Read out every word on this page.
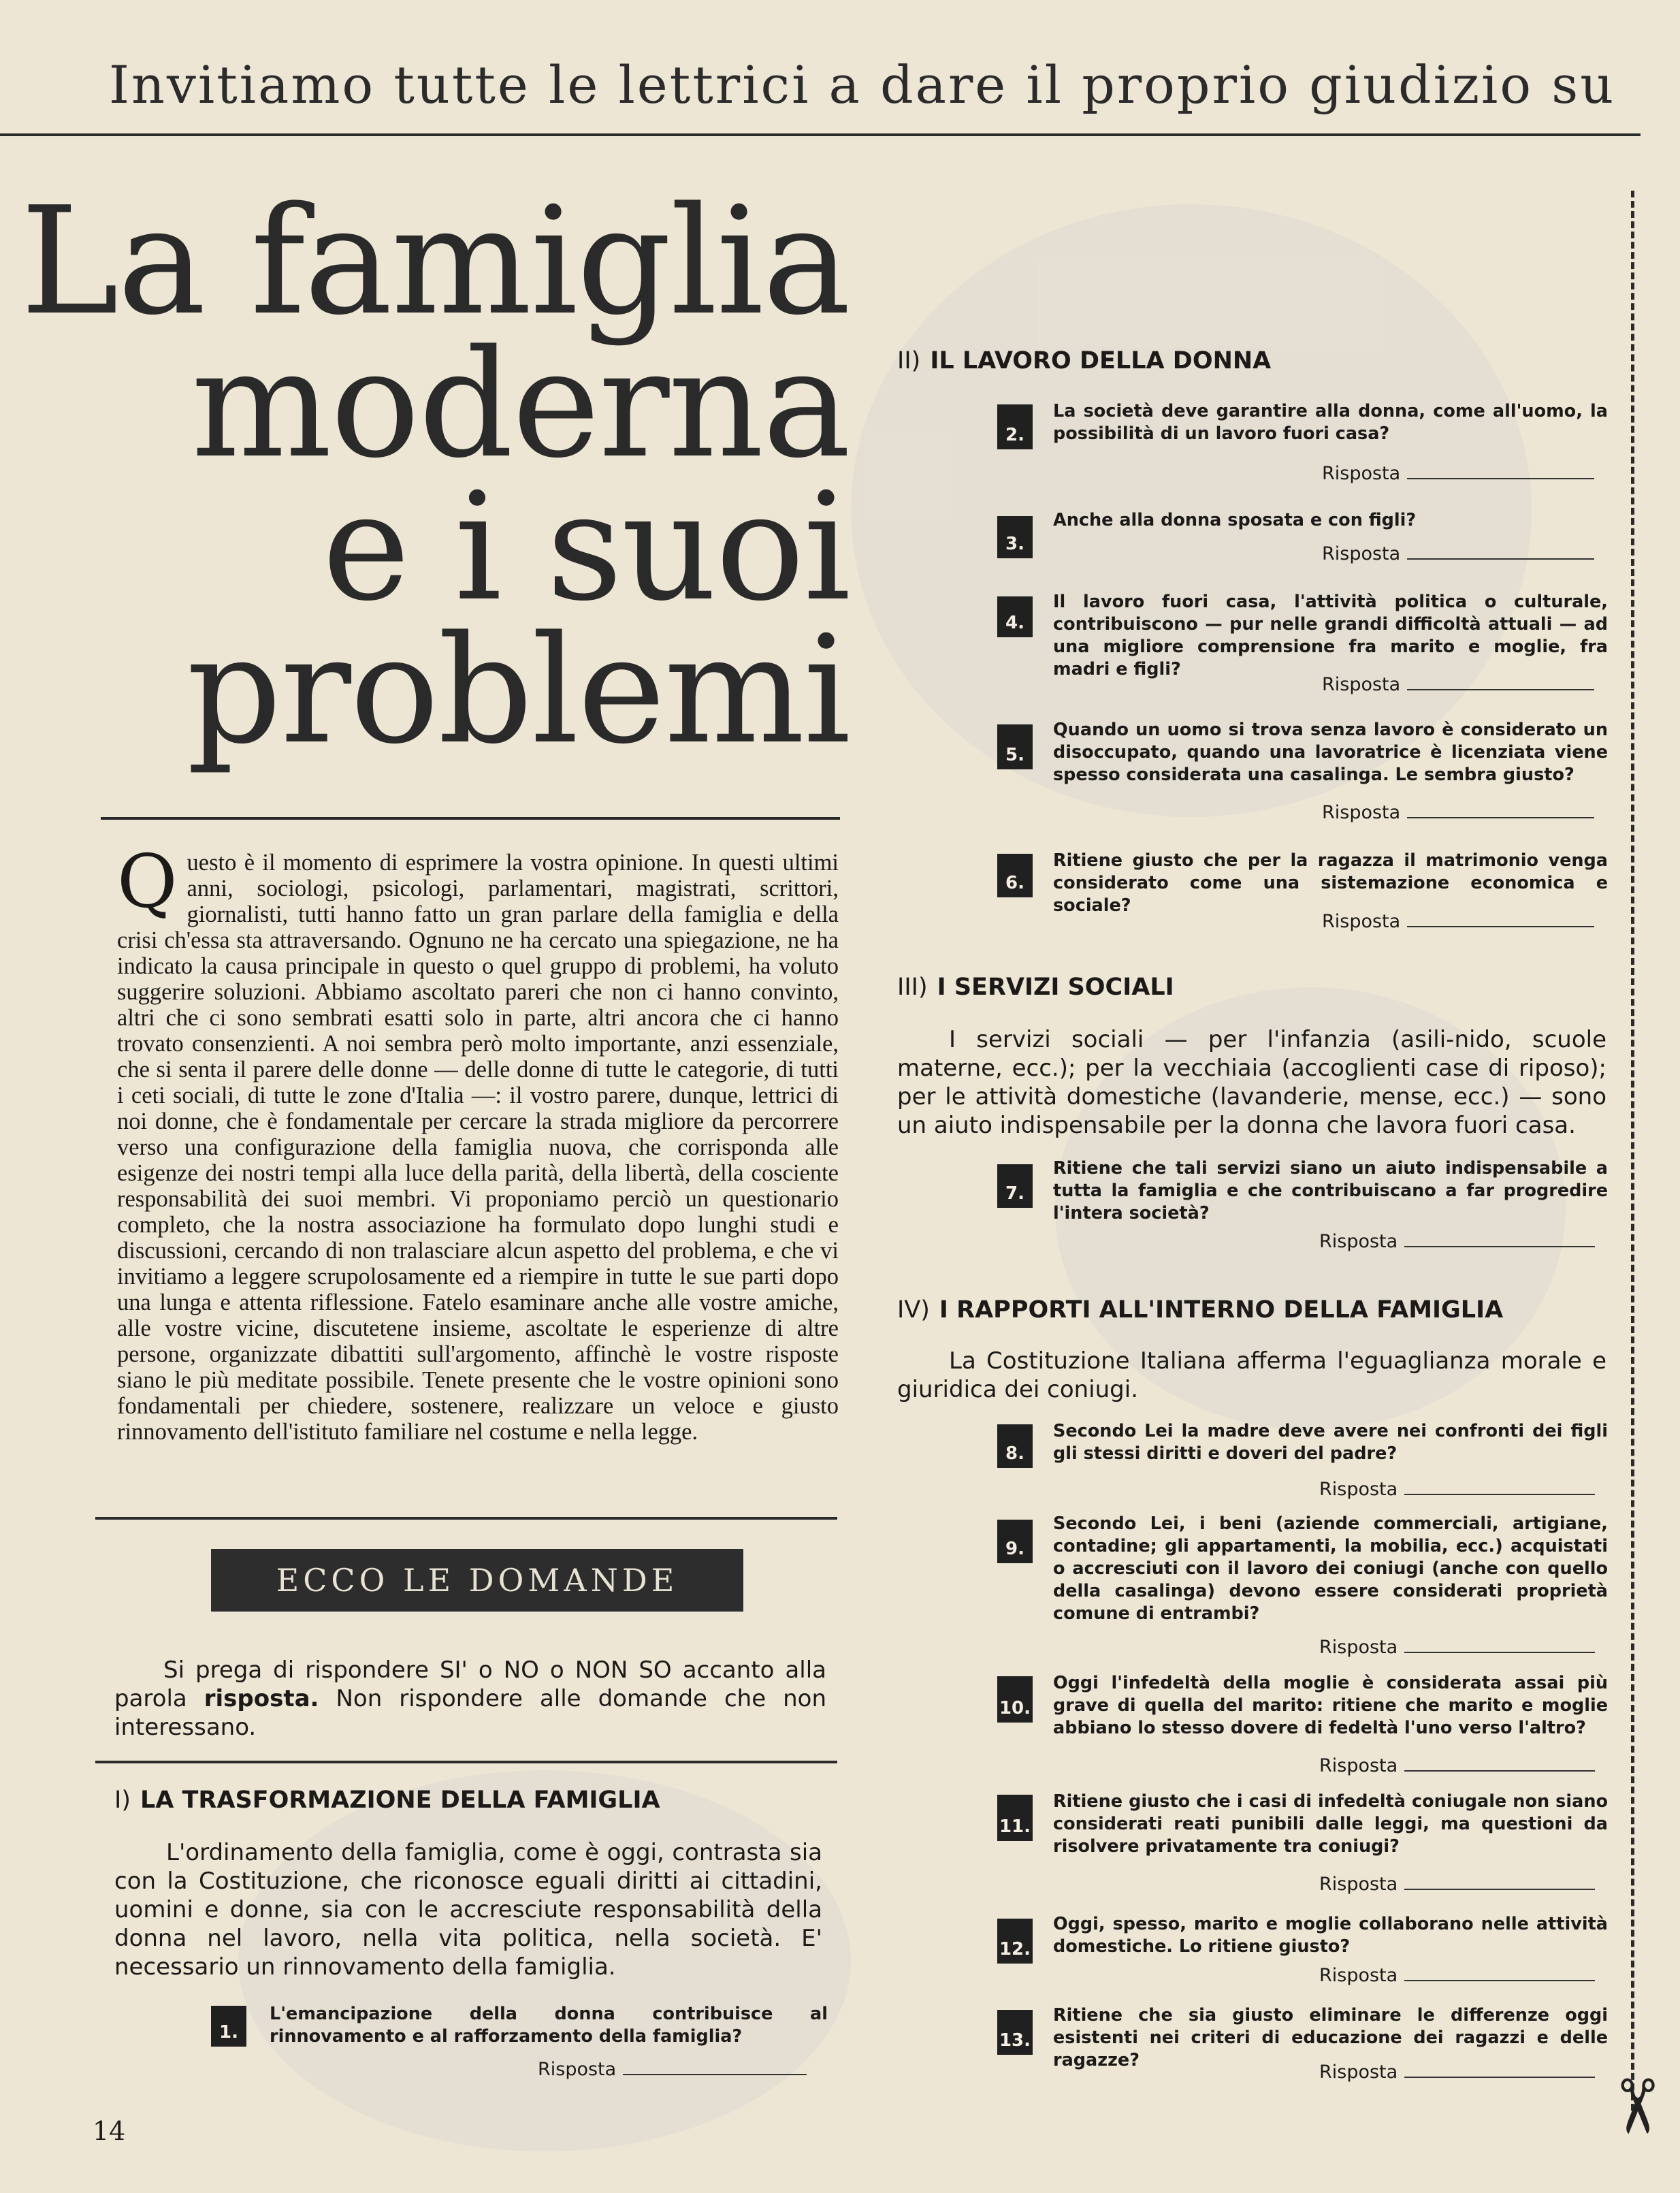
Invitiamo tutte le lettrici a dare il proprio giudizio su
✂
La famiglia
moderna
e i suoi
problemi
Questo è il momento di esprimere la vostra opinione. In questi ultimi anni, sociologi, psicologi, parlamentari, magistrati, scrittori, giornalisti, tutti hanno fatto un gran parlare della famiglia e della crisi ch'essa sta attraversando. Ognuno ne ha cercato una spiegazione, ne ha indicato la causa principale in questo o quel gruppo di problemi, ha voluto suggerire soluzioni. Abbiamo ascoltato pareri che non ci hanno convinto, altri che ci sono sembrati esatti solo in parte, altri ancora che ci hanno trovato consenzienti. A noi sembra però molto importante, anzi essenziale, che si senta il parere delle donne — delle donne di tutte le categorie, di tutti i ceti sociali, di tutte le zone d'Italia —: il vostro parere, dunque, lettrici di noi donne, che è fondamentale per cercare la strada migliore da percorrere verso una configurazione della famiglia nuova, che corrisponda alle esigenze dei nostri tempi alla luce della parità, della libertà, della cosciente responsabilità dei suoi membri. Vi proponiamo perciò un questionario completo, che la nostra associazione ha formulato dopo lunghi studi e discussioni, cercando di non tralasciare alcun aspetto del problema, e che vi invitiamo a leggere scrupolosamente ed a riempire in tutte le sue parti dopo una lunga e attenta riflessione. Fatelo esaminare anche alle vostre amiche, alle vostre vicine, discutetene insieme, ascoltate le esperienze di altre persone, organizzate dibattiti sull'argomento, affinchè le vostre risposte siano le più meditate possibile. Tenete presente che le vostre opinioni sono fondamentali per chiedere, sostenere, realizzare un veloce e giusto rinnovamento dell'istituto familiare nel costume e nella legge.
ECCO LE DOMANDE
Si prega di rispondere SI' o NO o NON SO accanto alla parola risposta. Non rispondere alle domande che non interessano.
I) LA TRASFORMAZIONE DELLA FAMIGLIA
L'ordinamento della famiglia, come è oggi, contrasta sia con la Costituzione, che riconosce eguali diritti ai cittadini, uomini e donne, sia con le accresciute responsabilità della donna nel lavoro, nella vita politica, nella società. E' necessario un rinnovamento della famiglia.
1.
L'emancipazione della donna contribuisce al rinnovamento e al rafforzamento della famiglia?
Risposta
14
II) IL LAVORO DELLA DONNA
2.
La società deve garantire alla donna, come all'uomo, la possibilità di un lavoro fuori casa?
Risposta
3.
Anche alla donna sposata e con figli?
Risposta
4.
Il lavoro fuori casa, l'attività politica o culturale, contribuiscono — pur nelle grandi difficoltà attuali — ad una migliore comprensione fra marito e moglie, fra madri e figli?
Risposta
5.
Quando un uomo si trova senza lavoro è considerato un disoccupato, quando una lavoratrice è licenziata viene spesso considerata una casalinga. Le sembra giusto?
Risposta
6.
Ritiene giusto che per la ragazza il matrimonio venga considerato come una sistemazione economica e sociale?
Risposta
III) I SERVIZI SOCIALI
I servizi sociali — per l'infanzia (asili-nido, scuole materne, ecc.); per la vecchiaia (accoglienti case di riposo); per le attività domestiche (lavanderie, mense, ecc.) — sono un aiuto indispensabile per la donna che lavora fuori casa.
7.
Ritiene che tali servizi siano un aiuto indispensabile a tutta la famiglia e che contribuiscano a far progredire l'intera società?
Risposta
IV) I RAPPORTI ALL'INTERNO DELLA FAMIGLIA
La Costituzione Italiana afferma l'eguaglianza morale e giuridica dei coniugi.
8.
Secondo Lei la madre deve avere nei confronti dei figli gli stessi diritti e doveri del padre?
Risposta
9.
Secondo Lei, i beni (aziende commerciali, artigiane, contadine; gli appartamenti, la mobilia, ecc.) acquistati o accresciuti con il lavoro dei coniugi (anche con quello della casalinga) devono essere considerati proprietà comune di entrambi?
Risposta
10.
Oggi l'infedeltà della moglie è considerata assai più grave di quella del marito: ritiene che marito e moglie abbiano lo stesso dovere di fedeltà l'uno verso l'altro?
Risposta
11.
Ritiene giusto che i casi di infedeltà coniugale non siano considerati reati punibili dalle leggi, ma questioni da risolvere privatamente tra coniugi?
Risposta
12.
Oggi, spesso, marito e moglie collaborano nelle attività domestiche. Lo ritiene giusto?
Risposta
13.
Ritiene che sia giusto eliminare le differenze oggi esistenti nei criteri di educazione dei ragazzi e delle ragazze?
Risposta
